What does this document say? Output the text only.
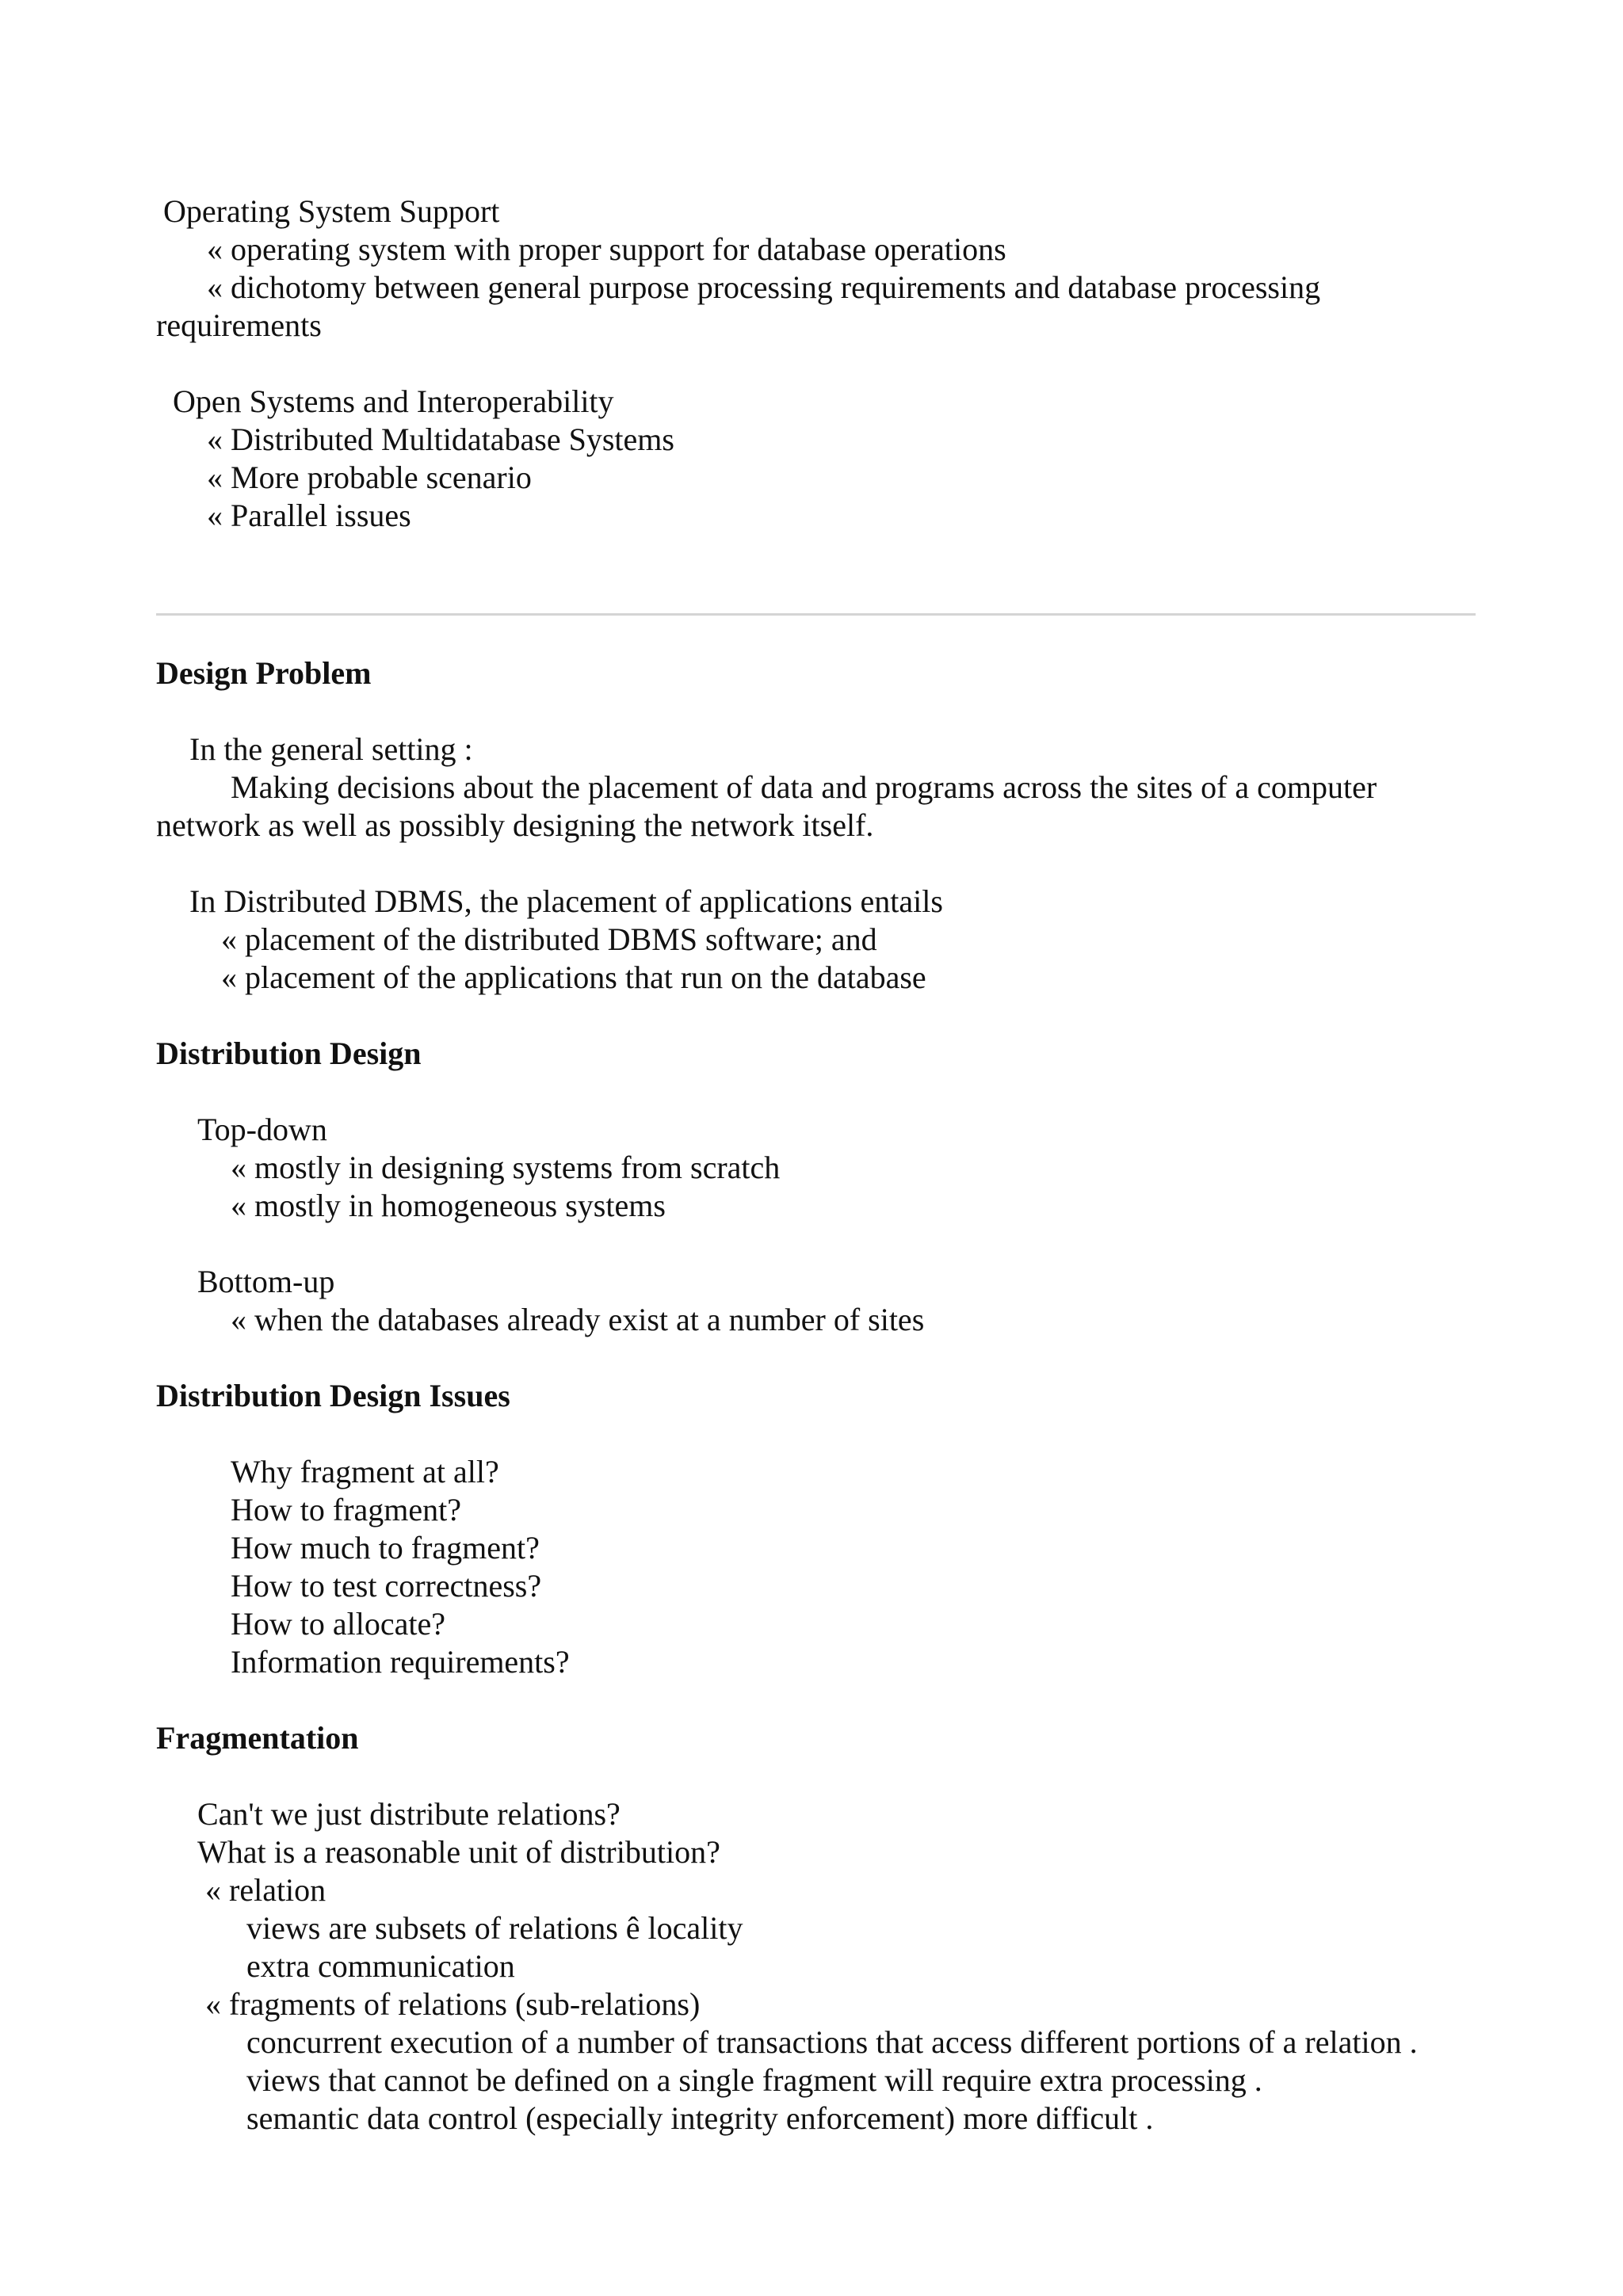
Operating System Support
« operating system with proper support for database operations
« dichotomy between general purpose processing requirements and database processing
requirements
Open Systems and Interoperability
« Distributed Multidatabase Systems
« More probable scenario
« Parallel issues
Design Problem
In the general setting :
Making decisions about the placement of data and programs across the sites of a computer
network as well as possibly designing the network itself.
In Distributed DBMS, the placement of applications entails
« placement of the distributed DBMS software; and
« placement of the applications that run on the database
Distribution Design
Top-down
« mostly in designing systems from scratch
« mostly in homogeneous systems
Bottom-up
« when the databases already exist at a number of sites
Distribution Design Issues
Why fragment at all?
How to fragment?
How much to fragment?
How to test correctness?
How to allocate?
Information requirements?
Fragmentation
Can't we just distribute relations?
What is a reasonable unit of distribution?
« relation
views are subsets of relations ê locality
extra communication
« fragments of relations (sub-relations)
concurrent execution of a number of transactions that access different portions of a relation .
views that cannot be defined on a single fragment will require extra processing .
semantic data control (especially integrity enforcement) more difficult .
